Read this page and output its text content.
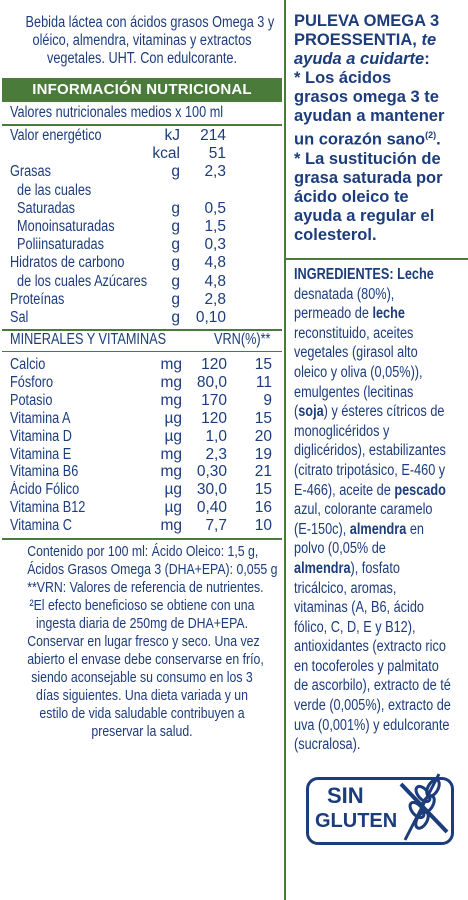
Bebida láctea con ácidos grasos Omega 3 y
oléico, almendra, vitaminas y extractos
vegetales. UHT. Con edulcorante.
INFORMACIÓN NUTRICIONAL
Valores nutricionales medios x 100 ml
Valor energético	kJ	214
kcal	51
Grasas	g	2,3
de las cuales
Saturadas	g	0,5
Monoinsaturadas	g	1,5
Poliinsaturadas	g	0,3
Hidratos de carbono	g	4,8
de los cuales Azúcares	g	4,8
Proteínas	g	2,8
Sal	g	0,10
MINERALES Y VITAMINAS	VRN(%)**
Calcio	mg	120	15
Fósforo	mg 80,0	11
Potasio	mg	170	9
Vitamina A	µg	120	15
Vitamina D	µg	1,0	20
Vitamina E	mg	2,3	19
Vitamina B6	mg 0,30	21
Ácido Fólico	µg 30,0	15
Vitamina B12	µg 0,40	16
Vitamina C	mg	7,7	10
Contenido por 100 ml: Ácido Oleico: 1,5 g,
Ácidos Grasos Omega 3 (DHA+EPA): 0,055 g
**VRN: Valores de referencia de nutrientes.
²El efecto beneficioso se obtiene con una
ingesta diaria de 250mg de DHA+EPA.
Conservar en lugar fresco y seco. Una vez
abierto el envase debe conservarse en frío,
siendo aconsejable su consumo en los 3
días siguientes. Una dieta variada y un
estilo de vida saludable contribuyen a
preservar la salud.
PULEVA OMEGA 3
PROESSENTIA, te
ayuda a cuidarte:
* Los ácidos
grasos omega 3 te
ayudan a mantener
un corazón sano$^{(2)}$.
* La sustitución de
grasa saturada por
ácido oleico te
ayuda a regular el
colesterol.
INGREDIENTES: Leche
desnatada (80%),
permeado de leche
reconstituido, aceites
vegetales (girasol alto
oleico y oliva (0,05%)),
emulgentes (lecitinas
(soja) y ésteres cítricos de
monoglicéridos y
diglicéridos), estabilizantes
(citrato tripotásico, E-460 y
E-466), aceite de pescado
azul, colorante caramelo
(E-150c), almendra en
polvo (0,05% de
almendra), fosfato
tricálcico, aromas,
vitaminas (A, B6, ácido
fólico, C, D, E y B12),
antioxidantes (extracto rico
en tocoferoles y palmitato
de ascorbilo), extracto de té
verde (0,005%), extracto de
uva (0,001%) y edulcorante
(sucralosa).
SIN
GLUTEN
